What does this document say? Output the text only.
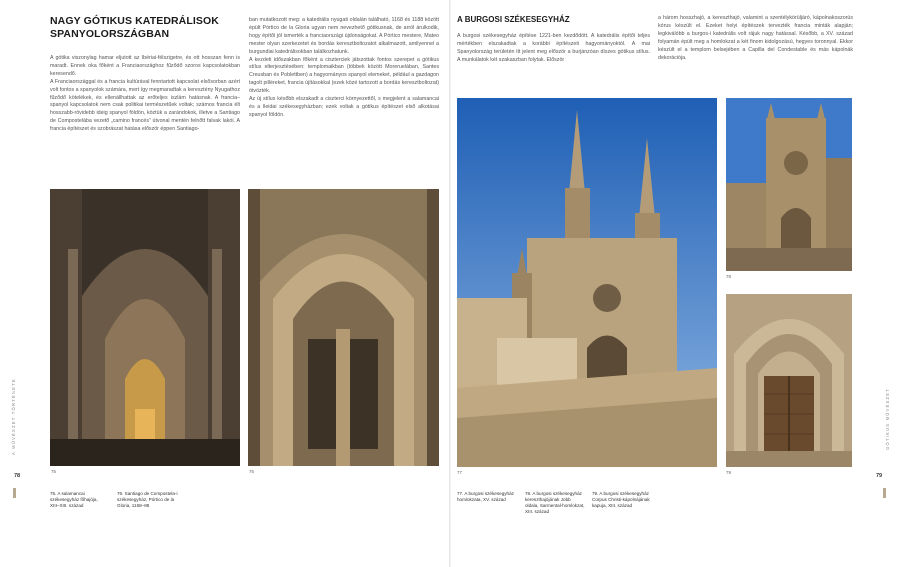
NAGY GÓTIKUS KATEDRÁLISOK SPANYOLORSZÁGBAN

A gótika viszonylag hamar eljutott az Ibériai-félszigetre, és ott hosszan fenn is maradt. Ennek oka főként a Franciaországhoz fűződő szoros kapcsolatokban keresendő.

A Franciaországgal és a francia kultúrával fenntartott kapcsolat elsősorban azért volt fontos a spanyolok számára, mert így megmaradtak a keresztény Nyugathoz fűződő kötelékek, és ellenállhattak az erőteljes iszlám hatásnak. A francia–spanyol kapcsolatok nem csak politikai természetűek voltak; számos francia élt hosszabb-rövidebb ideig spanyol földön, köztük a zarándokok, illetve a Santiago de Compostelába vezető „camino francés” útvonal mentén felnőtt falvak lakói. A francia építészet és szobrászat hatása először éppen Santiago-

ban mutatkozott meg: a katedrális nyugati oldalán található, 1168 és 1188 között épült Pórtico de la Gloria ugyan nem nevezhető gótikusnak, de arról árulkodik, hogy építői jól ismerték a franciaországi újdonságokat. A Pórtico mestere, Mateo mester olyan szerkezetet és bordás keresztboltozatot alkalmazott, amilyennel a burgundiai katedrálisokban találkozhatunk.

A kezdeti időszakban főként a ciszterciek játszottak fontos szerepet a gótikus stílus elterjesztésében: templomaikban (többek között Moreruelában, Santes Creusban és Poblettben) a hagyományos spanyol elemeket, például a gazdagon tagolt pilléreket, francia újításokkal (ezek közé tartozott a bordás keresztboltozat) ötvözték.

Az új stílus később elszakadt a ciszterci környezettől, s megjelent a salamancai és a lleidai székesegyházban; ezek voltak a gótikus építészet első alkotásai spanyol földön.

75	76
78
A MŰVÉSZET TÖRTÉNETE
75. A salamancai székesegyház főhajója, XIII–XIII. század
76. Santiago de Compostela-i székesegyház, Pórtico de la Gloria, 1168–88
A BURGOSI SZÉKESEGYHÁZ

A burgosi székesegyház építése 1221-ben kezdődött. A katedrális építői teljes mértékben elszakadtak a korábbi építészeti hagyományoktól. A mai Spanyolország területén itt jelent meg először a burjánzóan díszes gótikus stílus. A munkálatok két szakaszban folytak. Először

a három hosszhajó, a kereszthajó, valamint a szentélykörüljáró, kápolnakoszorús kórus készült el. Ezeket helyi építészek tervezték francia minták alapján; legkiválóbb a burgos-i katedrális volt rájuk nagy hatással. Később, a XV. század folyamán épült meg a homlokzat a két finom kidolgozású, hegyes toronnyal. Ekkor készült el a templom belsejében a Capilla del Condestable és más kápolnák dekorációja.

77
78
79
79
GÓTIKUS MŰVÉSZET
77. A burgosi székesegyház homlokzata, XV. század
78. A burgosi székesegyház kereszthajójának Jobb oldala, Sarmental-homlokzat, XIII. század
79. A burgosi székesegyház Corpus Christi-kápolnájának kapuja, XIII. század
